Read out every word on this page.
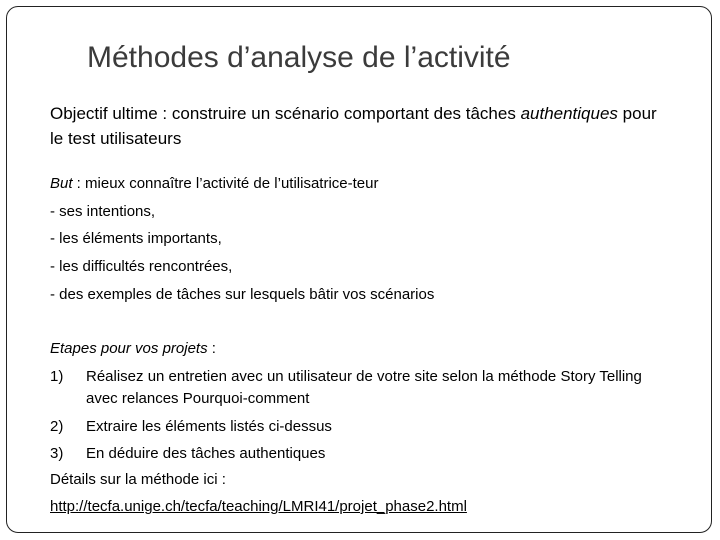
Méthodes d’analyse de l’activité
Objectif ultime : construire un scénario comportant des tâches authentiques pour le test utilisateurs
But : mieux connaître l’activité de l’utilisatrice-teur
- ses intentions,
- les éléments importants,
- les difficultés rencontrées,
- des exemples de tâches sur lesquels bâtir vos scénarios
Etapes pour vos projets :
1)	Réalisez un entretien avec un utilisateur de votre site selon la méthode Story Telling avec relances Pourquoi-comment
2)	Extraire les éléments listés ci-dessus
3)	En déduire des tâches authentiques
Détails sur la méthode ici :
http://tecfa.unige.ch/tecfa/teaching/LMRI41/projet_phase2.html
